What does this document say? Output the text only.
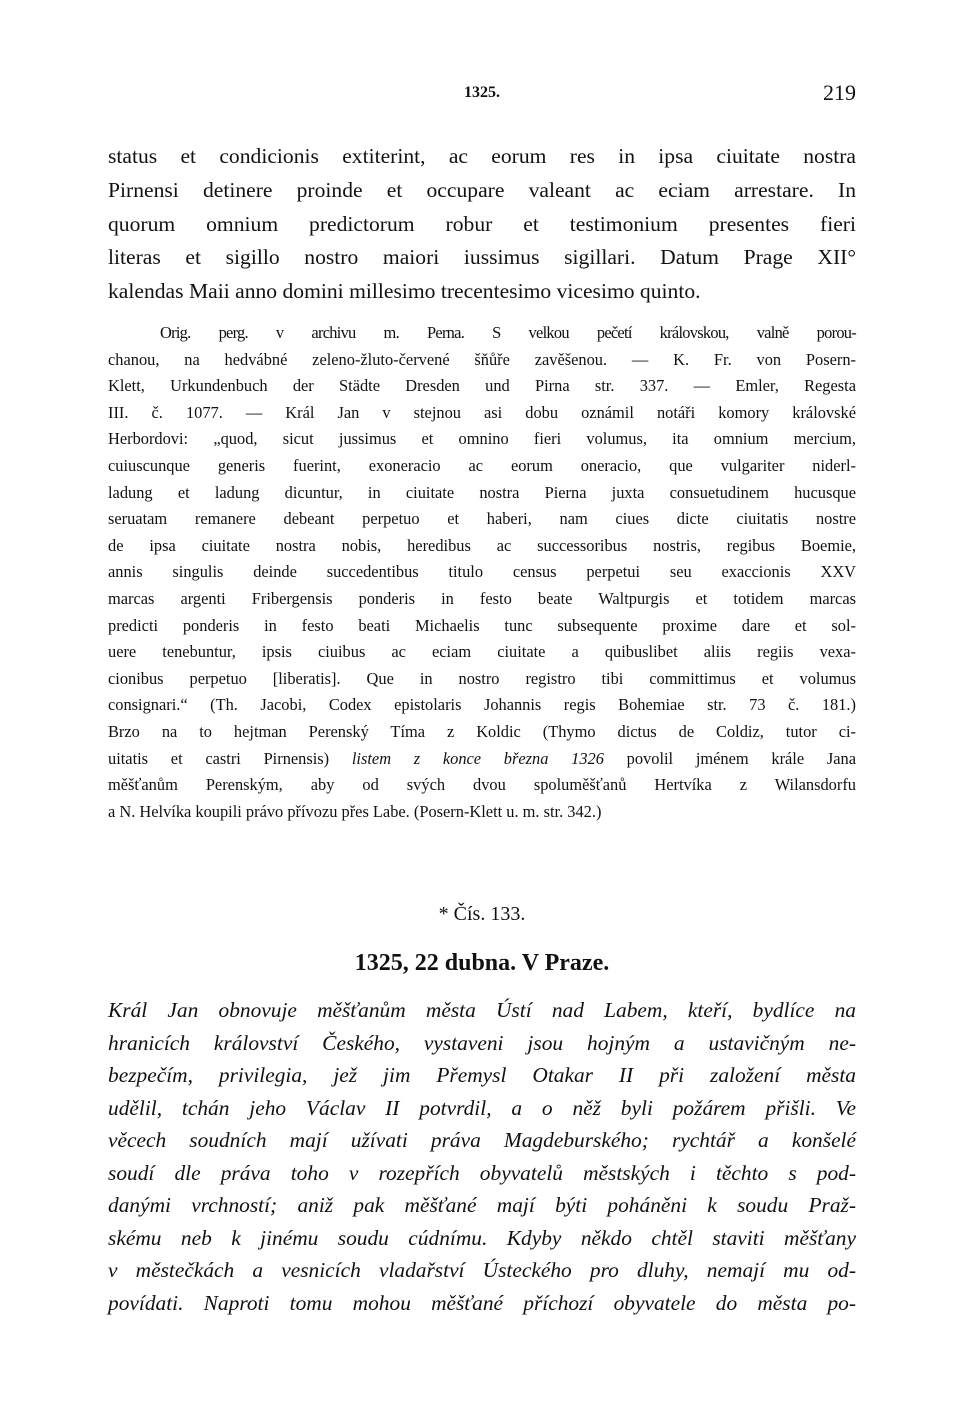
1325.	219
status et condicionis extiterint, ac eorum res in ipsa ciuitate nostra
Pirnensi detinere proinde et occupare valeant ac eciam arrestare. In
quorum omnium predictorum robur et testimonium presentes fieri
literas et sigillo nostro maiori iussimus sigillari. Datum Prage XII°
kalendas Maii anno domini millesimo trecentesimo vicesimo quinto.
Orig. perg. v archivu m. Perna. S velkou pečetí královskou, valně porou-
chanou, na hedvábné zeleno-žluto-červené šňůře zavěšenou. — K. Fr. von Posern-
Klett, Urkundenbuch der Städte Dresden und Pirna str. 337. — Emler, Regesta
III. č. 1077. — Král Jan v stejnou asi dobu oznámil notáři komory královské
Herbordovi: „quod, sicut jussimus et omnino fieri volumus, ita omnium mercium,
cuiuscunque generis fuerint, exoneracio ac eorum oneracio, que vulgariter niderl-
ladung et ladung dicuntur, in ciuitate nostra Pierna juxta consuetudinem hucusque
seruatam remanere debeant perpetuo et haberi, nam ciues dicte ciuitatis nostre
de ipsa ciuitate nostra nobis, heredibus ac successoribus nostris, regibus Boemie,
annis singulis deinde succedentibus titulo census perpetui seu exaccionis XXV
marcas argenti Fribergensis ponderis in festo beate Waltpurgis et totidem marcas
predicti ponderis in festo beati Michaelis tunc subsequente proxime dare et sol-
uere tenebuntur, ipsis ciuibus ac eciam ciuitate a quibuslibet aliis regiis vexa-
cionibus perpetuo [liberatis]. Que in nostro registro tibi committimus et volumus
consignari.“ (Th. Jacobi, Codex epistolaris Johannis regis Bohemiae str. 73 č. 181.)
Brzo na to hejtman Perenský Tíma z Koldic (Thymo dictus de Coldiz, tutor ci-
uitatis et castri Pirnensis) listem z konce března 1326 povolil jménem krále Jana
měšťanům Perenským, aby od svých dvou spoluměšťanů Hertvíka z Wilansdorfu
a N. Helvíka koupili právo přívozu přes Labe. (Posern-Klett u. m. str. 342.)
* Čís. 133.
1325, 22 dubna. V Praze.
Král Jan obnovuje měšťanům města Ústí nad Labem, kteří, bydlíce na
hranicích království Českého, vystaveni jsou hojným a ustavičným ne-
bezpečím, privilegia, jež jim Přemysl Otakar II při založení města
udělil, tchán jeho Václav II potvrdil, a o něž byli požárem přišli. Ve
věcech soudních mají užívati práva Magdeburského; rychtář a konšelé
soudí dle práva toho v rozepřích obyvatelů městských i těchto s pod-
danými vrchností; aniž pak měšťané mají býti poháněni k soudu Praž-
skému neb k jinému soudu cúdnímu. Kdyby někdo chtěl staviti měšťany
v městečkách a vesnicích vladařství Ústeckého pro dluhy, nemají mu od-
povídati. Naproti tomu mohou měšťané příchozí obyvatele do města po-
